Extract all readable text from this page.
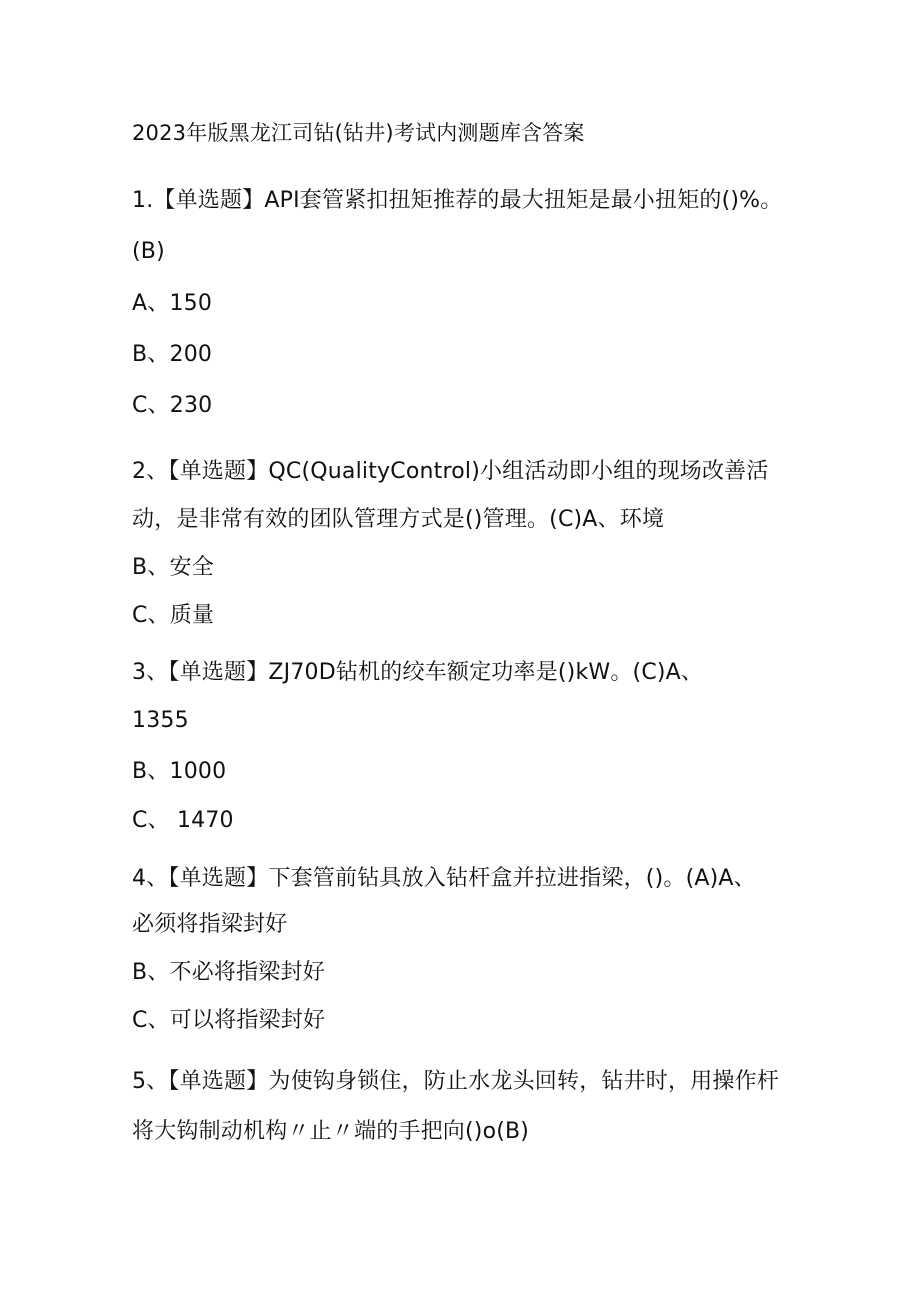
2023年版黑龙江司钻(钻井)考试内测题库含答案
1.【单选题】API套管紧扣扭矩推荐的最大扭矩是最小扭矩的()%。
(B)
A、150
B、200
C、230
2、【单选题】QC(QualityControl)小组活动即小组的现场改善活
动，是非常有效的团队管理方式是()管理。(C)A、环境
B、安全
C、质量
3、【单选题】ZJ70D钻机的绞车额定功率是()kW。(C)A、
1355
B、1000
C、 1470
4、【单选题】下套管前钻具放入钻杆盒并拉进指梁，()。(A)A、
必须将指梁封好
B、不必将指梁封好
C、可以将指梁封好
5、【单选题】为使钩身锁住，防止水龙头回转，钻井时，用操作杆
将大钩制动机构〃止〃端的手把向()o(B)
